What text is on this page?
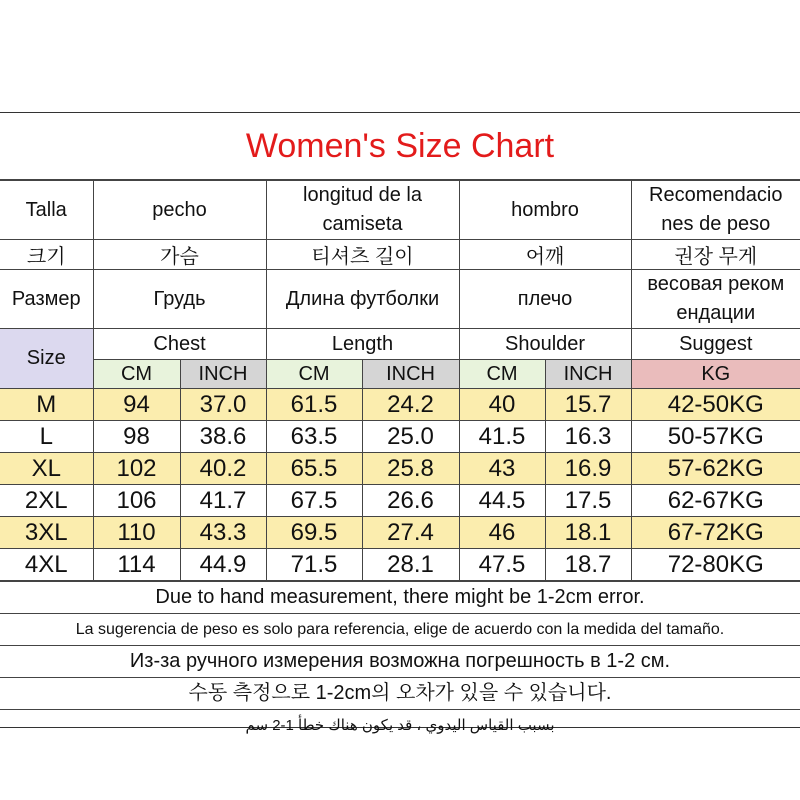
Women's Size Chart
Talla	pecho		longitud de la camiseta		hombro		Recomendacio nes de peso
크기	가슴		티셔츠 길이		어깨		권장 무게
Размер	Грудь		Длина футболки		плечо		весовая реком ендации
Size	Chest		Length		Shoulder		Suggest
	CM	INCH	CM	INCH	CM	INCH	KG
M	94	37.0	61.5	24.2	40	15.7	42-50KG
L	98	38.6	63.5	25.0	41.5	16.3	50-57KG
XL	102	40.2	65.5	25.8	43	16.9	57-62KG
2XL	106	41.7	67.5	26.6	44.5	17.5	62-67KG
3XL	110	43.3	69.5	27.4	46	18.1	67-72KG
4XL	114	44.9	71.5	28.1	47.5	18.7	72-80KG
Due to hand measurement, there might be 1-2cm error.
La sugerencia de peso es solo para referencia, elige de acuerdo con la medida del tamaño.
Из-за ручного измерения возможна погрешность в 1-2 см.
수동 측정으로 1-2cm의 오차가 있을 수 있습니다.
بسبب القياس اليدوي ، قد يكون هناك خطأ 1-2 سم
